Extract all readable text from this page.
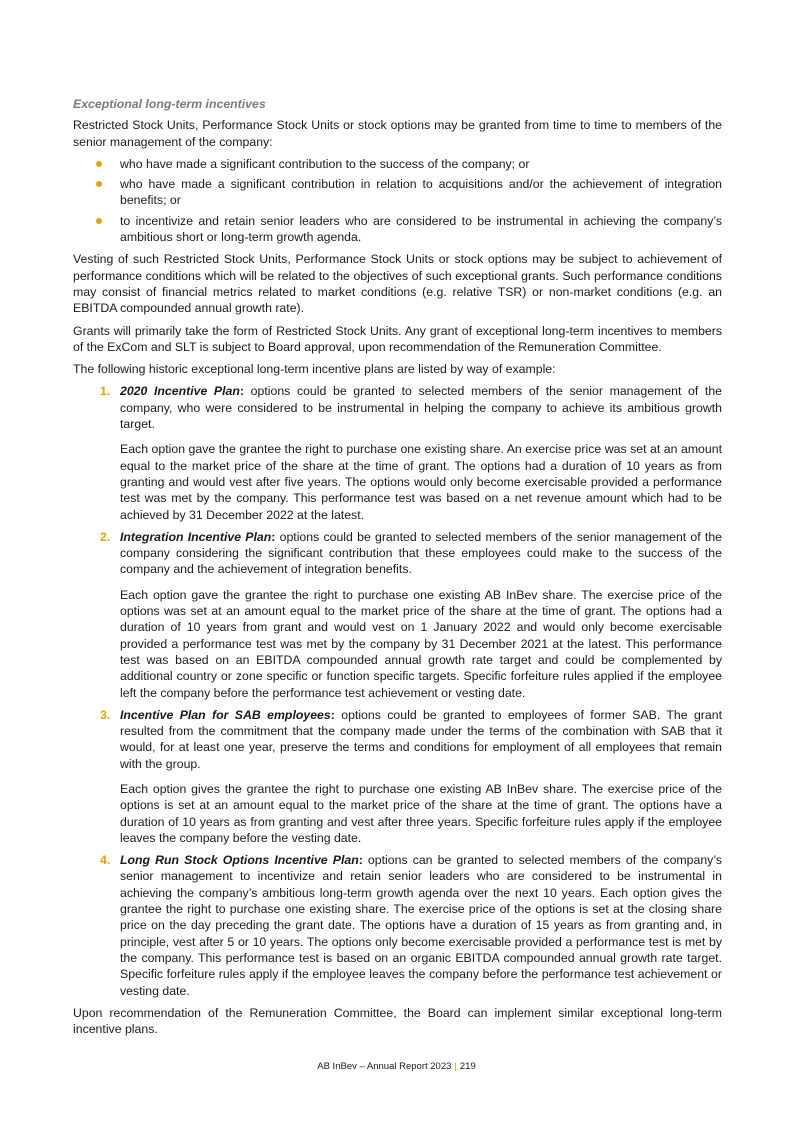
Exceptional long-term incentives

Restricted Stock Units, Performance Stock Units or stock options may be granted from time to time to members of the senior management of the company:

who have made a significant contribution to the success of the company; or
who have made a significant contribution in relation to acquisitions and/or the achievement of integration benefits; or
to incentivize and retain senior leaders who are considered to be instrumental in achieving the company’s ambitious short or long-term growth agenda.

Vesting of such Restricted Stock Units, Performance Stock Units or stock options may be subject to achievement of performance conditions which will be related to the objectives of such exceptional grants. Such performance conditions may consist of financial metrics related to market conditions (e.g. relative TSR) or non-market conditions (e.g. an EBITDA compounded annual growth rate).

Grants will primarily take the form of Restricted Stock Units. Any grant of exceptional long-term incentives to members of the ExCom and SLT is subject to Board approval, upon recommendation of the Remuneration Committee.

The following historic exceptional long-term incentive plans are listed by way of example:

1. 2020 Incentive Plan: options could be granted to selected members of the senior management of the company, who were considered to be instrumental in helping the company to achieve its ambitious growth target.

Each option gave the grantee the right to purchase one existing share. An exercise price was set at an amount equal to the market price of the share at the time of grant. The options had a duration of 10 years as from granting and would vest after five years. The options would only become exercisable provided a performance test was met by the company. This performance test was based on a net revenue amount which had to be achieved by 31 December 2022 at the latest.

2. Integration Incentive Plan: options could be granted to selected members of the senior management of the company considering the significant contribution that these employees could make to the success of the company and the achievement of integration benefits.

Each option gave the grantee the right to purchase one existing AB InBev share. The exercise price of the options was set at an amount equal to the market price of the share at the time of grant. The options had a duration of 10 years from grant and would vest on 1 January 2022 and would only become exercisable provided a performance test was met by the company by 31 December 2021 at the latest. This performance test was based on an EBITDA compounded annual growth rate target and could be complemented by additional country or zone specific or function specific targets. Specific forfeiture rules applied if the employee left the company before the performance test achievement or vesting date.

3. Incentive Plan for SAB employees: options could be granted to employees of former SAB. The grant resulted from the commitment that the company made under the terms of the combination with SAB that it would, for at least one year, preserve the terms and conditions for employment of all employees that remain with the group.

Each option gives the grantee the right to purchase one existing AB InBev share. The exercise price of the options is set at an amount equal to the market price of the share at the time of grant. The options have a duration of 10 years as from granting and vest after three years. Specific forfeiture rules apply if the employee leaves the company before the vesting date.

4. Long Run Stock Options Incentive Plan: options can be granted to selected members of the company’s senior management to incentivize and retain senior leaders who are considered to be instrumental in achieving the company’s ambitious long-term growth agenda over the next 10 years. Each option gives the grantee the right to purchase one existing share. The exercise price of the options is set at the closing share price on the day preceding the grant date. The options have a duration of 15 years as from granting and, in principle, vest after 5 or 10 years. The options only become exercisable provided a performance test is met by the company. This performance test is based on an organic EBITDA compounded annual growth rate target. Specific forfeiture rules apply if the employee leaves the company before the performance test achievement or vesting date.

Upon recommendation of the Remuneration Committee, the Board can implement similar exceptional long-term incentive plans.

AB InBev – Annual Report 2023 | 219
